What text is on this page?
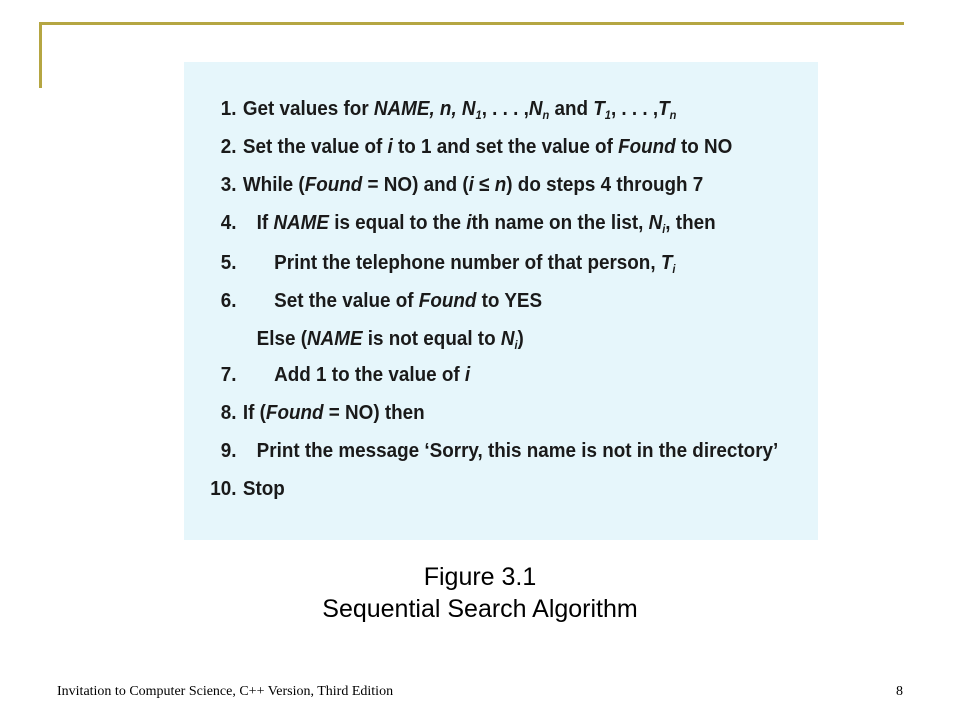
1. Get values for NAME, n, $N_1$, . . . $,N_n$ and $T_1$, . . . $,T_n$
2. Set the value of i to 1 and set the value of Found to NO
3. While (Found = NO) and (i ≤ n) do steps 4 through 7
4. If NAME is equal to the ith name on the list, $N_i$, then
5. Print the telephone number of that person, $T_i$
6. Set the value of Found to YES
Else (NAME is not equal to $N_i$)
7. Add 1 to the value of i
8. If (Found = NO) then
9. Print the message ‘Sorry, this name is not in the directory’
10. Stop
Figure 3.1
Sequential Search Algorithm
Invitation to Computer Science, C++ Version, Third Edition	8
